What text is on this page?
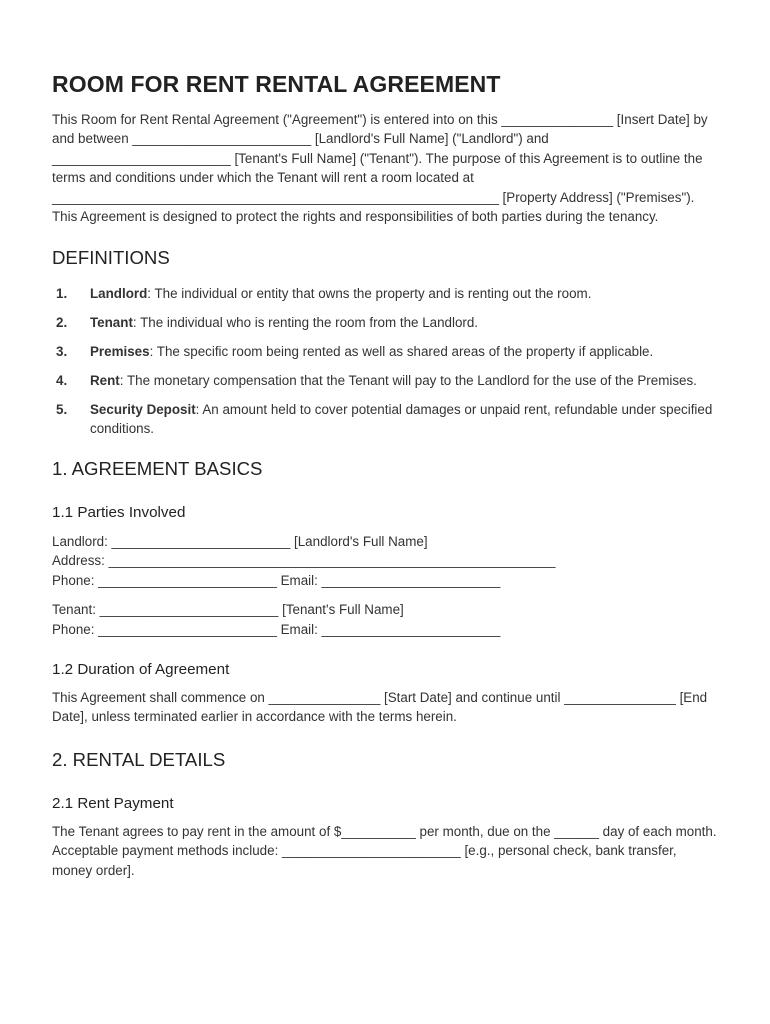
ROOM FOR RENT RENTAL AGREEMENT

This Room for Rent Rental Agreement ("Agreement") is entered into on this _______________ [Insert Date] by and between ________________________ [Landlord's Full Name] ("Landlord") and ________________________ [Tenant's Full Name] ("Tenant"). The purpose of this Agreement is to outline the terms and conditions under which the Tenant will rent a room located at ____________________________________________________________ [Property Address] ("Premises"). This Agreement is designed to protect the rights and responsibilities of both parties during the tenancy.

DEFINITIONS
1.	Landlord: The individual or entity that owns the property and is renting out the room.
2.	Tenant: The individual who is renting the room from the Landlord.
3.	Premises: The specific room being rented as well as shared areas of the property if applicable.
4.	Rent: The monetary compensation that the Tenant will pay to the Landlord for the use of the Premises.
5.	Security Deposit: An amount held to cover potential damages or unpaid rent, refundable under specified conditions.
1. AGREEMENT BASICS
1.1 Parties Involved
Landlord: ________________________ [Landlord's Full Name]
Address: ____________________________________________________________
Phone: ________________________ Email: ________________________
Tenant: ________________________ [Tenant's Full Name]
Phone: ________________________ Email: ________________________
1.2 Duration of Agreement

This Agreement shall commence on _______________ [Start Date] and continue until _______________ [End Date], unless terminated earlier in accordance with the terms herein.

2. RENTAL DETAILS
2.1 Rent Payment

The Tenant agrees to pay rent in the amount of $__________ per month, due on the ______ day of each month. Acceptable payment methods include: ________________________ [e.g., personal check, bank transfer, money order].
